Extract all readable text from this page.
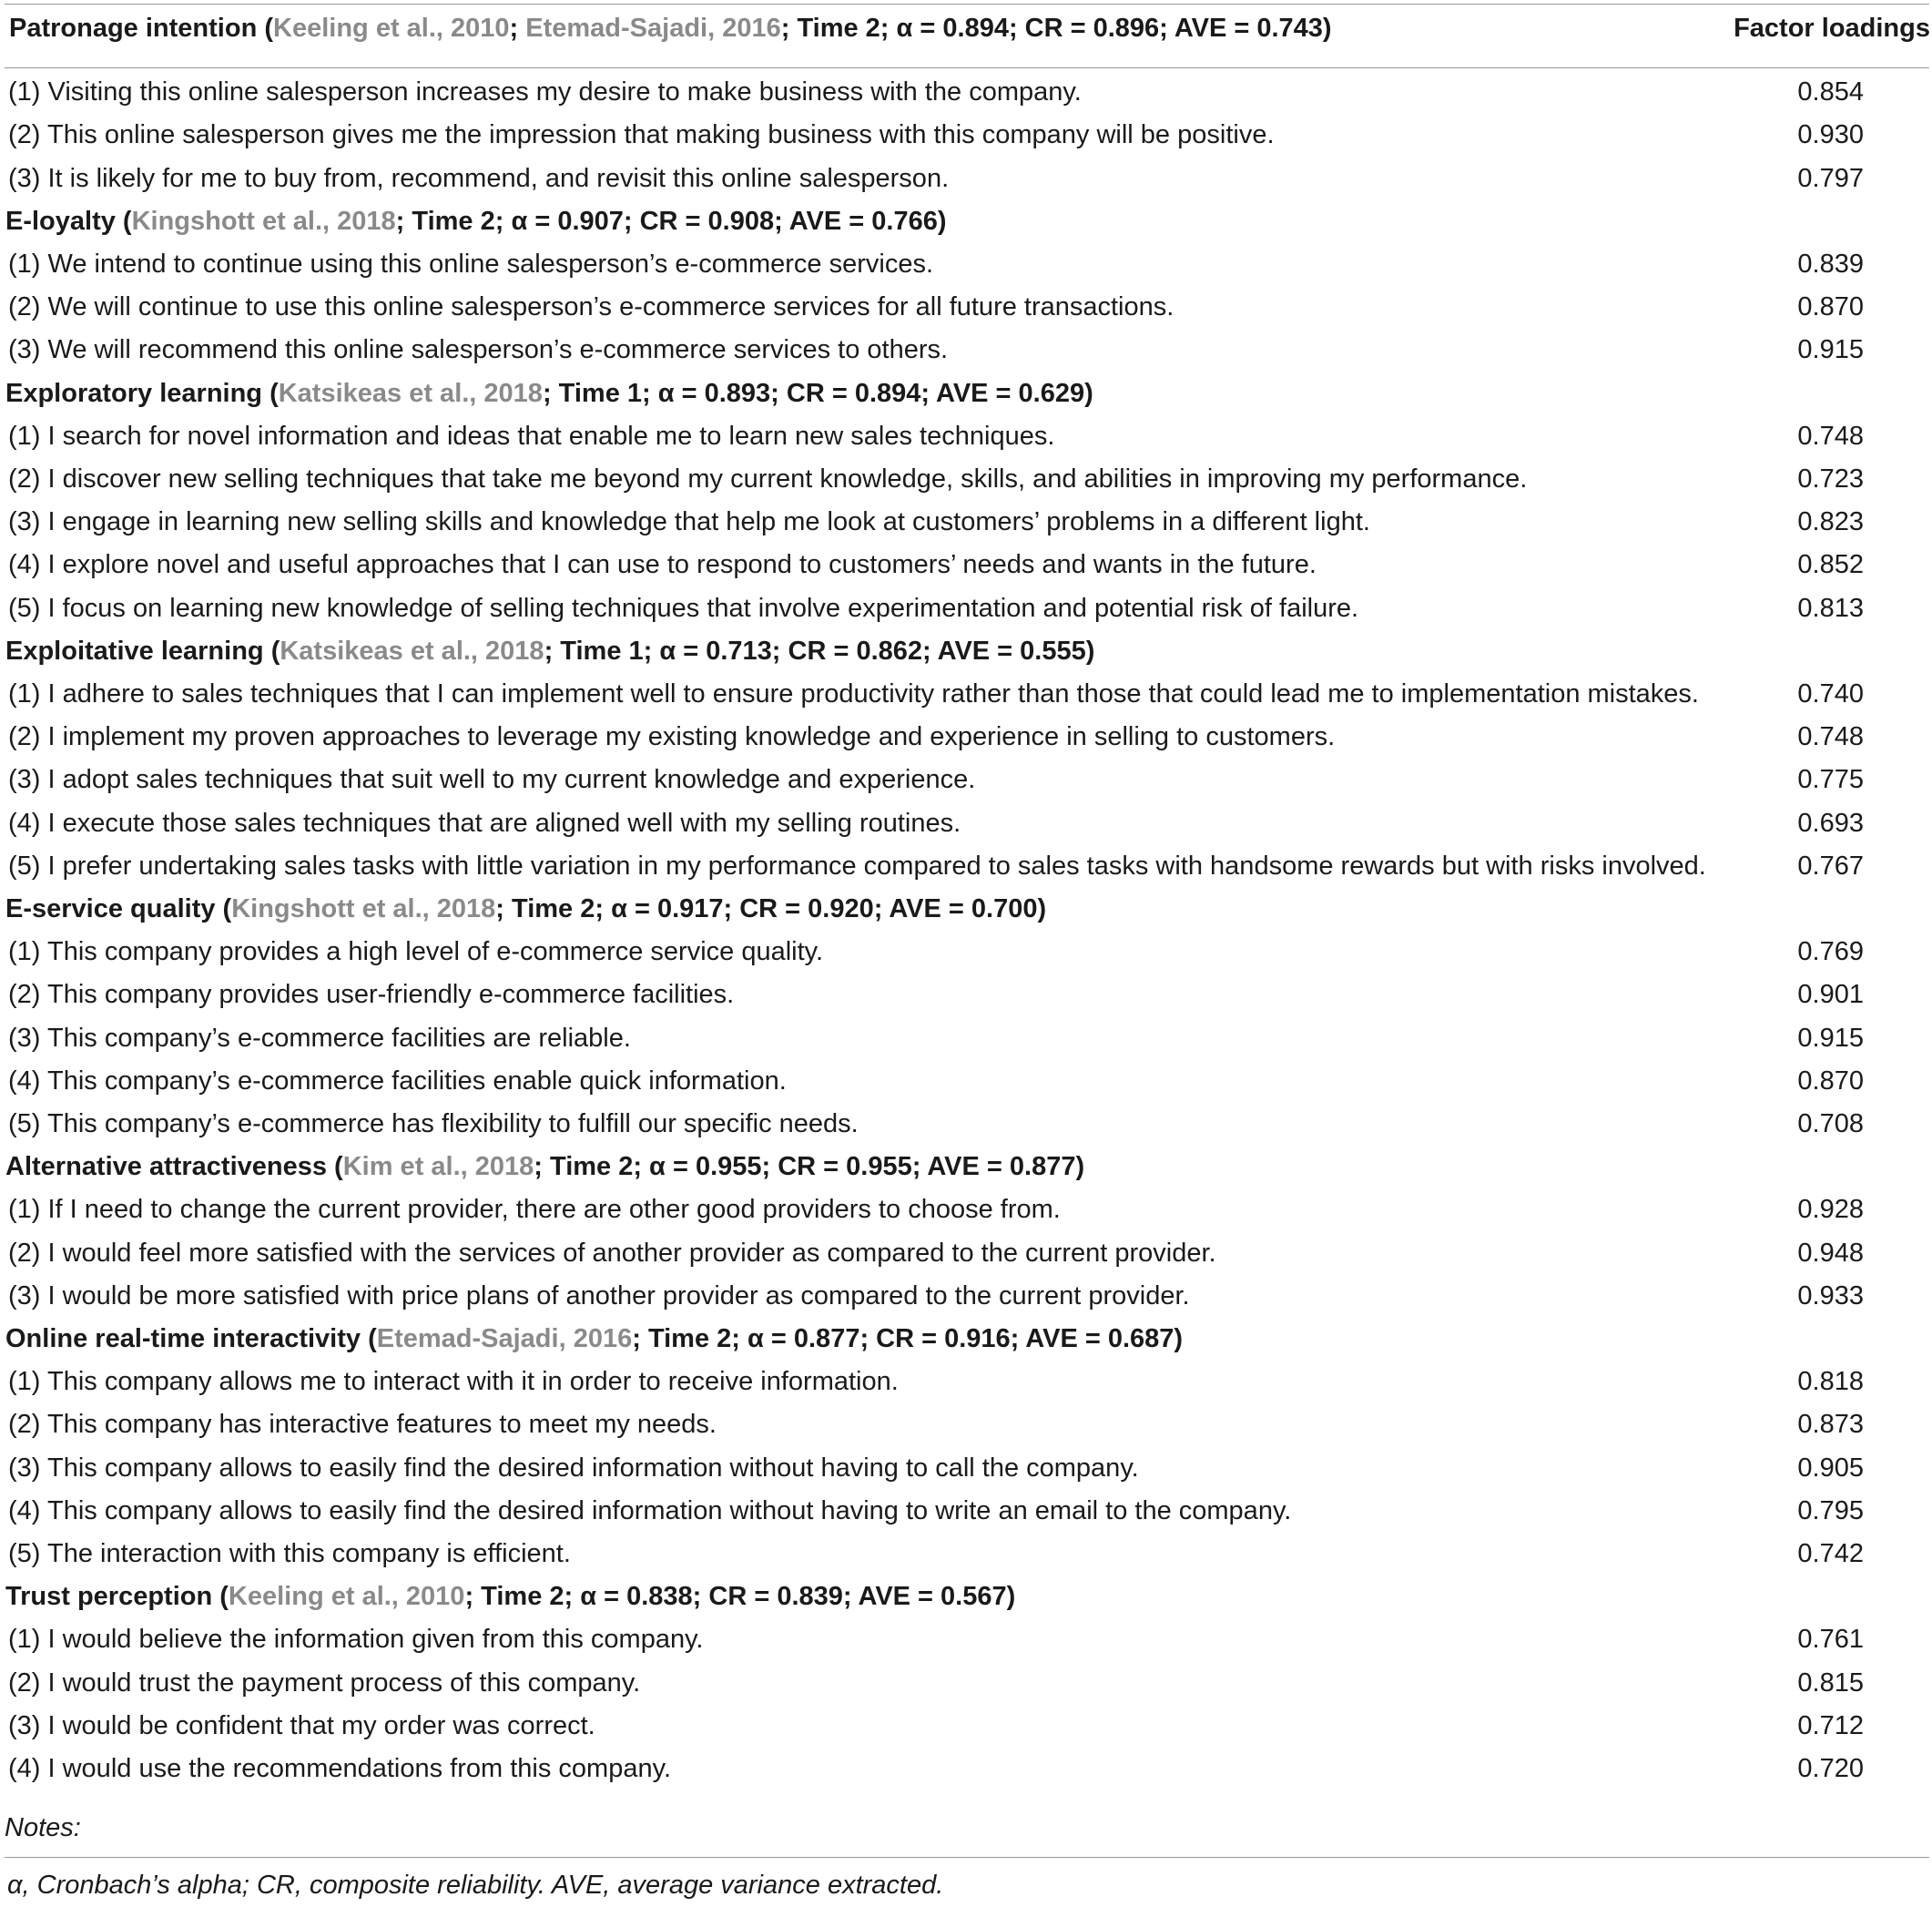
Patronage intention (Keeling et al., 2010; Etemad-Sajadi, 2016; Time 2; α = 0.894; CR = 0.896; AVE = 0.743)	Factor loadings
(1) Visiting this online salesperson increases my desire to make business with the company.	0.854
(2) This online salesperson gives me the impression that making business with this company will be positive.	0.930
(3) It is likely for me to buy from, recommend, and revisit this online salesperson.	0.797
E-loyalty (Kingshott et al., 2018; Time 2; α = 0.907; CR = 0.908; AVE = 0.766)
(1) We intend to continue using this online salesperson’s e-commerce services.	0.839
(2) We will continue to use this online salesperson’s e-commerce services for all future transactions.	0.870
(3) We will recommend this online salesperson’s e-commerce services to others.	0.915
Exploratory learning (Katsikeas et al., 2018; Time 1; α = 0.893; CR = 0.894; AVE = 0.629)
(1) I search for novel information and ideas that enable me to learn new sales techniques.	0.748
(2) I discover new selling techniques that take me beyond my current knowledge, skills, and abilities in improving my performance.	0.723
(3) I engage in learning new selling skills and knowledge that help me look at customers’ problems in a different light.	0.823
(4) I explore novel and useful approaches that I can use to respond to customers’ needs and wants in the future.	0.852
(5) I focus on learning new knowledge of selling techniques that involve experimentation and potential risk of failure.	0.813
Exploitative learning (Katsikeas et al., 2018; Time 1; α = 0.713; CR = 0.862; AVE = 0.555)
(1) I adhere to sales techniques that I can implement well to ensure productivity rather than those that could lead me to implementation mistakes.	0.740
(2) I implement my proven approaches to leverage my existing knowledge and experience in selling to customers.	0.748
(3) I adopt sales techniques that suit well to my current knowledge and experience.	0.775
(4) I execute those sales techniques that are aligned well with my selling routines.	0.693
(5) I prefer undertaking sales tasks with little variation in my performance compared to sales tasks with handsome rewards but with risks involved.	0.767
E-service quality (Kingshott et al., 2018; Time 2; α = 0.917; CR = 0.920; AVE = 0.700)
(1) This company provides a high level of e-commerce service quality.	0.769
(2) This company provides user-friendly e-commerce facilities.	0.901
(3) This company’s e-commerce facilities are reliable.	0.915
(4) This company’s e-commerce facilities enable quick information.	0.870
(5) This company’s e-commerce has flexibility to fulfill our specific needs.	0.708
Alternative attractiveness (Kim et al., 2018; Time 2; α = 0.955; CR = 0.955; AVE = 0.877)
(1) If I need to change the current provider, there are other good providers to choose from.	0.928
(2) I would feel more satisfied with the services of another provider as compared to the current provider.	0.948
(3) I would be more satisfied with price plans of another provider as compared to the current provider.	0.933
Online real-time interactivity (Etemad-Sajadi, 2016; Time 2; α = 0.877; CR = 0.916; AVE = 0.687)
(1) This company allows me to interact with it in order to receive information.	0.818
(2) This company has interactive features to meet my needs.	0.873
(3) This company allows to easily find the desired information without having to call the company.	0.905
(4) This company allows to easily find the desired information without having to write an email to the company.	0.795
(5) The interaction with this company is efficient.	0.742
Trust perception (Keeling et al., 2010; Time 2; α = 0.838; CR = 0.839; AVE = 0.567)
(1) I would believe the information given from this company.	0.761
(2) I would trust the payment process of this company.	0.815
(3) I would be confident that my order was correct.	0.712
(4) I would use the recommendations from this company.	0.720
Notes:
α, Cronbach’s alpha; CR, composite reliability. AVE, average variance extracted.
